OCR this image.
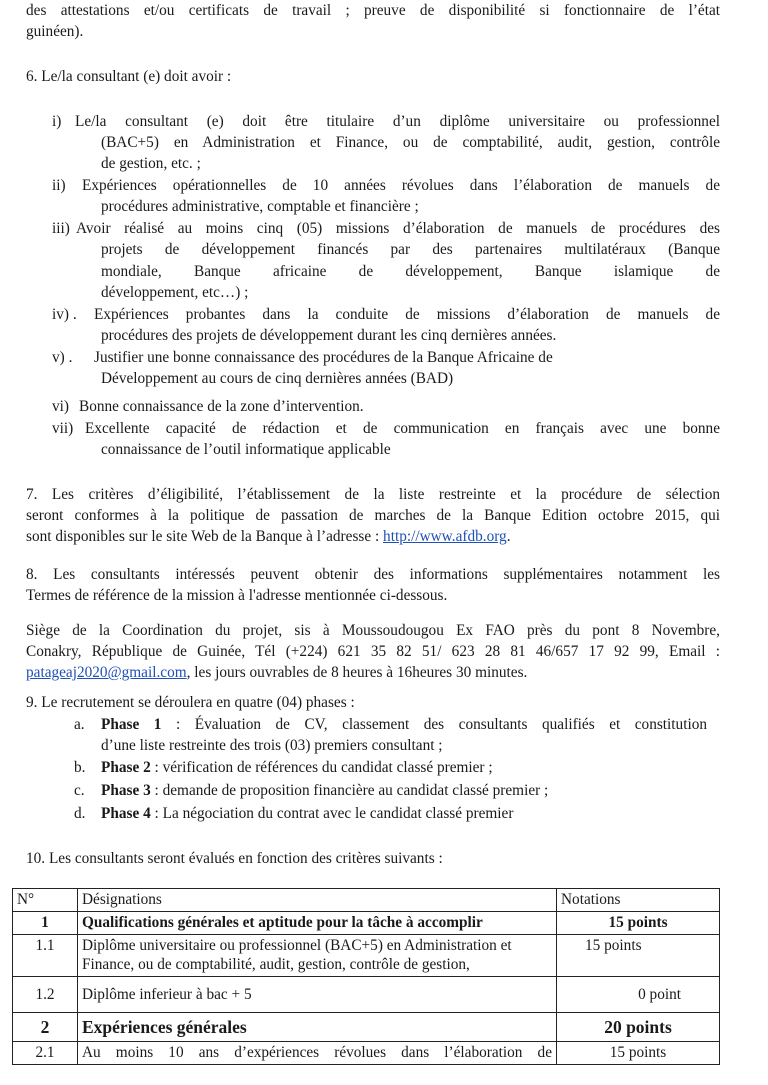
des attestations et/ou certificats de travail ; preuve de disponibilité si fonctionnaire de l’état
guinéen).
6. Le/la consultant (e) doit avoir :
i) Le/la consultant (e) doit être titulaire d’un diplôme universitaire ou professionnel
(BAC+5) en Administration et Finance, ou de comptabilité, audit, gestion, contrôle
de gestion, etc. ;
ii) Expériences opérationnelles de 10 années révolues dans l’élaboration de manuels de
procédures administrative, comptable et financière ;
iii) Avoir réalisé au moins cinq (05) missions d’élaboration de manuels de procédures des
projets de développement financés par des partenaires multilatéraux (Banque
mondiale, Banque africaine de développement, Banque islamique de
développement, etc…) ;
iv) . Expériences probantes dans la conduite de missions d’élaboration de manuels de
procédures des projets de développement durant les cinq dernières années.
v) . Justifier une bonne connaissance des procédures de la Banque Africaine de
Développement au cours de cinq dernières années (BAD)
vi) Bonne connaissance de la zone d’intervention.
vii) Excellente capacité de rédaction et de communication en français avec une bonne
connaissance de l’outil informatique applicable
7. Les critères d’éligibilité, l’établissement de la liste restreinte et la procédure de sélection
seront conformes à la politique de passation de marches de la Banque Edition octobre 2015, qui
sont disponibles sur le site Web de la Banque à l’adresse : http://www.afdb.org.
8. Les consultants intéressés peuvent obtenir des informations supplémentaires notamment les
Termes de référence de la mission à l'adresse mentionnée ci-dessous.
Siège de la Coordination du projet, sis à Moussoudougou Ex FAO près du pont 8 Novembre,
Conakry, République de Guinée, Tél (+224) 621 35 82 51/ 623 28 81 46/657 17 92 99, Email :
patageaj2020@gmail.com, les jours ouvrables de 8 heures à 16heures 30 minutes.
9. Le recrutement se déroulera en quatre (04) phases :
a. Phase 1 : Évaluation de CV, classement des consultants qualifiés et constitution
d’une liste restreinte des trois (03) premiers consultant ;
b. Phase 2 : vérification de références du candidat classé premier ;
c. Phase 3 : demande de proposition financière au candidat classé premier ;
d. Phase 4 : La négociation du contrat avec le candidat classé premier
10. Les consultants seront évalués en fonction des critères suivants :
N°	Désignations	Notations
1	Qualifications générales et aptitude pour la tâche à accomplir	15 points
1.1	Diplôme universitaire ou professionnel (BAC+5) en Administration et Finance, ou de comptabilité, audit, gestion, contrôle de gestion,	15 points
1.2	Diplôme inferieur à bac + 5	0 point
2	Expériences générales	20 points
2.1	Au moins 10 ans d’expériences révolues dans l’élaboration de	15 points
